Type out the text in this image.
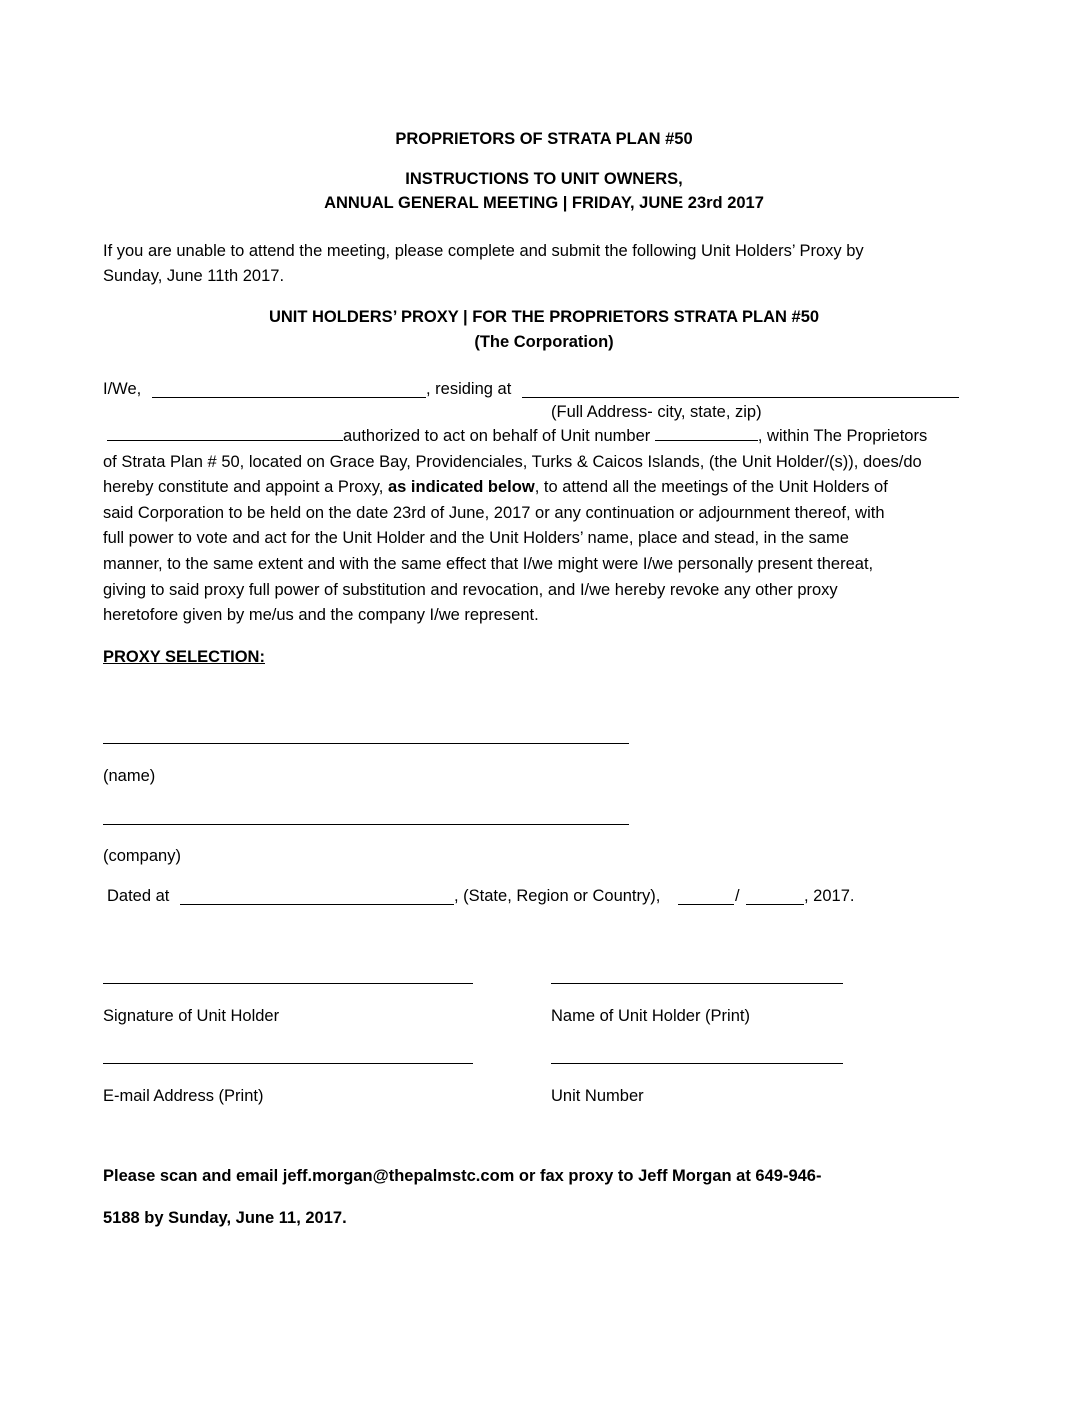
PROPRIETORS OF STRATA PLAN #50
INSTRUCTIONS TO UNIT OWNERS,
ANNUAL GENERAL MEETING | FRIDAY, JUNE 23rd 2017
If you are unable to attend the meeting, please complete and submit the following Unit Holders’ Proxy by
Sunday, June 11th 2017.
UNIT HOLDERS’ PROXY | FOR THE PROPRIETORS STRATA PLAN #50
(The Corporation)
I/We,	, residing at
(Full Address- city, state, zip)
authorized to act on behalf of Unit number	, within The Proprietors
of Strata Plan # 50, located on Grace Bay, Providenciales, Turks & Caicos Islands, (the Unit Holder/(s)), does/do
hereby constitute and appoint a Proxy, as indicated below, to attend all the meetings of the Unit Holders of
said Corporation to be held on the date 23rd of June, 2017 or any continuation or adjournment thereof, with
full power to vote and act for the Unit Holder and the Unit Holders’ name, place and stead, in the same
manner, to the same extent and with the same effect that I/we might were I/we personally present thereat,
giving to said proxy full power of substitution and revocation, and I/we hereby revoke any other proxy
heretofore given by me/us and the company I/we represent.
PROXY SELECTION:
(name)
(company)
Dated at	, (State, Region or Country),	/	, 2017.
Signature of Unit Holder	Name of Unit Holder (Print)
E-mail Address (Print)	Unit Number
Please scan and email jeff.morgan@thepalmstc.com or fax proxy to Jeff Morgan at 649-946-
5188 by Sunday, June 11, 2017.
